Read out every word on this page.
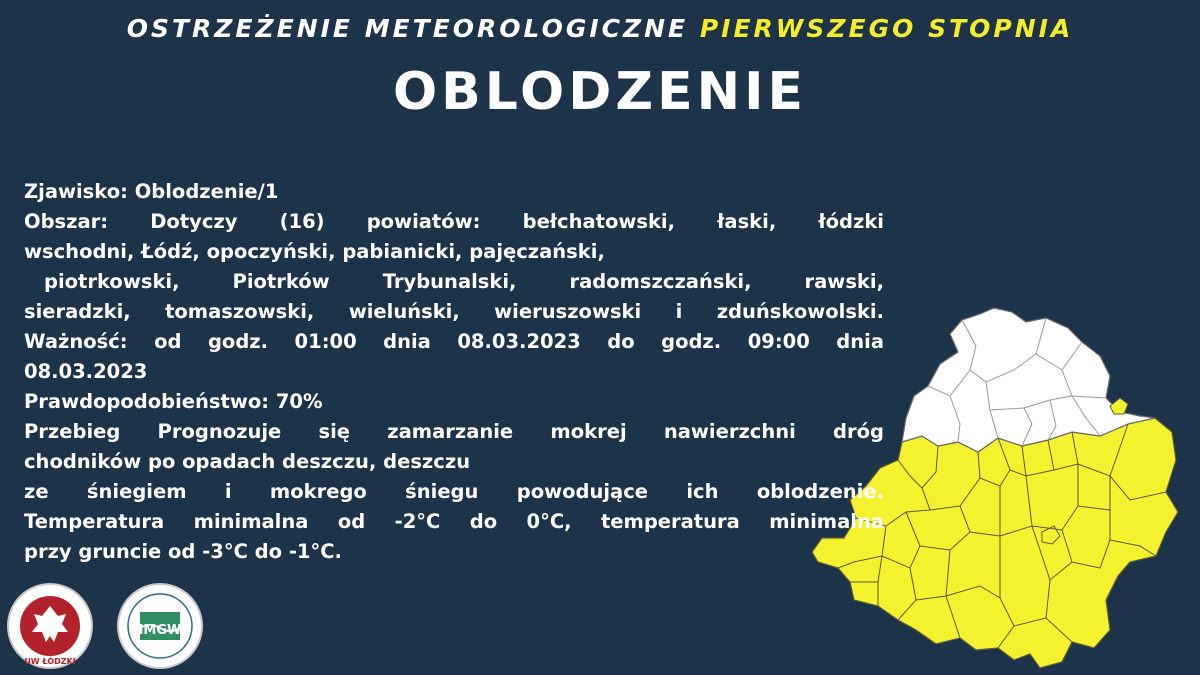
OSTRZEŻENIE METEOROLOGICZNE PIERWSZEGO STOPNIA
OBLODZENIE

Zjawisko: Oblodzenie/1

Obszar: Dotyczy (16) powiatów: bełchatowski, łaski, łódzki

wschodni, Łódź, opoczyński, pabianicki, pajęczański,

piotrkowski, Piotrków Trybunalski, radomszczański, rawski,

sieradzki, tomaszowski, wieluński, wieruszowski i zduńskowolski.

Ważność: od godz. 01:00 dnia 08.03.2023 do godz. 09:00 dnia

08.03.2023

Prawdopodobieństwo: 70%

Przebieg Prognozuje się zamarzanie mokrej nawierzchni dróg

chodników po opadach deszczu, deszczu

ze śniegiem i mokrego śniegu powodujące ich oblodzenie.

Temperatura minimalna od -2°C do 0°C, temperatura minimalna

przy gruncie od -3°C do -1°C.

UW ŁÓDZKI
IMGW
